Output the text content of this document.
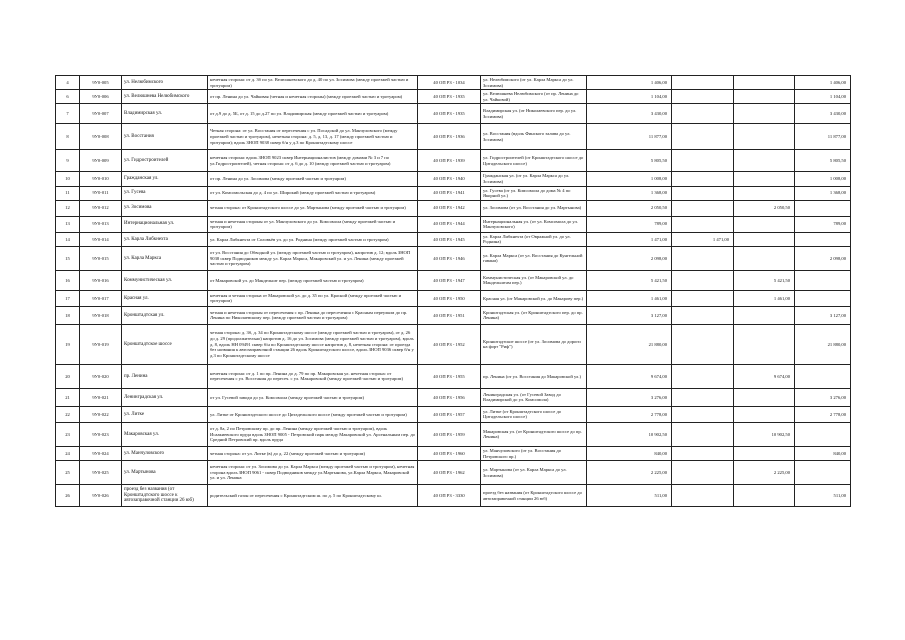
4	9У0-005	ул. Нелюбимского	нечетная сторона: от д. 3б по ул. Велюшневского до д. 40 по ул. Зосимова (между проезжей частью и тротуаром)	40 ОП РЗ - 1034	ул. Нелюбимского (от ул. Карла Маркса до ул. Зосимова)	1 406,00			1 406,00
6	9У0-006	ул. Велюшнева Нелюбимского	от пр. Ленина до ул. Чайковая (четная и нечетная стороны) (между проезжей частью и тротуаром)	40 ОП РЗ - 1935	ул. Велюшнева Нелюбимского (от пр. Ленина до ул. Чайковой)	1 104,00			1 104,00
7	9У0-007	Владимирская ул.	от д.9 до д. 5Б, от д. 15 до д.27 по ул. Владимирская (между проезжей частью и тротуаром)	40 ОП РЗ - 1935	Владимирская ул. (от Николаевского пер. до ул. Зосимова)	3 430,00			3 430,00
8	9У0-008	ул. Восстания	Четная сторона: от ул. Восстания от пересечения с ул. Посадской до ул. Манчуловского (между проезжей частью и тротуаром), нечетная сторона: д. 5, д. 13, д. 17 (между проезжей частью и тротуаром); вдоль ЗНОП 9038 сквер б/н у д.3 по Кронштадтскому шоссе	40 ОП РЗ - 1936	ул. Восстания (вдоль Финского залива до ул. Зосимова)	11 877,00			11 877,00
9	9У0-009	ул. Гидростроителей	нечетная сторона: вдоль ЗНОП 9023 сквер Интернационалистов (между домами № 3 и 7 по ул.Гидростроителей), четная сторона: от д. 6 до д. 10 (между проезжей частью и тротуаром)	40 ОП РЗ - 1939	ул. Гидростроителей (от Кронштадтского шоссе до Цитадельского шоссе)	5 805,50			5 805,50
10	9У0-010	Гражданская ул.	от пр. Ленина до ул. Зосимова (между проезжей частью и тротуаром)	40 ОП РЗ - 1940	Гражданская ул. (от ул. Карла Маркса до ул. Зосимова)	1 008,00			1 008,00
11	9У0-011	ул. Гусева	от ул. Комсомольская до д. 4 по ул. Широкий (между проезжей частью и тротуаром)	40 ОП РЗ - 1941	ул. Гусева (от ул. Комсомола до дома № 4 по Якорной ул.)	1 368,00			1 368,00
12	9У0-012	ул. Зосимова	четная сторона: от Кронштадтского шоссе до ул. Мартынова (между проезжей частью и тротуаром)	40 ОП РЗ - 1942	ул. Зосимова (от ул. Восстания до ул. Мартынова)	2 050,50		2 050,50	
13	9У0-013	Интернациональная ул.	четная и нечетная стороны от ул. Манчуловского до ул. Комсомола (между проезжей частью и тротуаром)	40 ОП РЗ - 1944	Интернациональная ул. (от ул. Комсомола до ул. Манчуловского)	789,00			789,00
14	9У0-014	ул. Карла Либкнехта	ул. Карла Либкнехта от Соловьёв ул. до ул. Роднина (между проезжей частью и тротуаром)	40 ОП РЗ - 1945	ул. Карла Либкнехта (от Овражной ул. до ул. Роднина)	1 471,00	1 471,00		
15	9У0-015	ул. Карла Маркса	от ул. Восстания до Обводной ул. (между проезжей частью и тротуаром), напротив д. 12; вдоль ЗНОП 9038 сквер Подводников между ул. Карла Маркса, Макаровский ул. и ул. Ленина (между проезжей частью и тротуаром)	40 ОП РЗ - 1946	ул. Карла Маркса (от ул. Восстания до Кунгельной гавани)	2 098,00			2 098,00
16	9У0-016	Коммунистическая ул.	от Макаровской ул. до Мандельшт пер. (между проезжей частью и тротуаром)	40 ОП РЗ - 1947	Коммунистическая ул. (от Макаровской ул. до Мандельштам пер.)	5 421,50		5 421,50	
17	9У0-017	Красная ул.	нечетная и четная сторона от Макаровской ул. до д. 35 по ул. Красной (между проезжей частью и тротуаром)	40 ОП РЗ - 1950	Красная ул. (от Макаровской ул. до Макарову пер.)	1 461,00		1 461,00	
18	9У0-018	Кронштадтская ул.	четная и нечетная стороны от пересечения с пр. Ленина до пересечения с Красным переулком до пр. Ленина по Николаевскому пер. (между проезжей частью и тротуаром)	40 ОП РЗ - 1951	Кронштадтская ул. (от Кронштадтского пер. до пр. Ленина)	3 127,00			3 127,00
19	9У0-019	Кронштадтское шоссе	четная сторона: д. 3б, д. 34 по Кронштадтскому шоссе (между проезжей частью и тротуаром), от д. 26 до д. 29 (продолжительно) напротив д. 16 до ул. Зосимова (между проезжей частью и тротуаром), вдоль д. 8, вдоль НН 09491 сквер б/н по Кронштадтскому шоссе напротив д. 8, нечетная сторона: от проезда без названия к автозаправочной станции 26 вдоль Кронштадтского шоссе, вдоль ЗНОП 9036 сквер б/н у д.3 по Кронштадтскому шоссе	40 ОП РЗ - 1952	Кронштадтское шоссе (от ул. Зосимова до дороги на форт "Риф")	21 880,00			21 880,00
20	9У0-020	пр. Ленина	нечетная сторона: от д. 1 по пр. Ленина до д. 79 по пр. Макаровская ул. нечетная сторона: от пересечения с ул. Восстания до пересеч. с ул. Макаровской (между проезжей частью и тротуаром)	40 ОП РЗ - 1955	пр. Ленина (от ул. Восстания до Макаровской ул.)	9 674,00		9 674,00	
21	9У0-021	Ленинградская ул.	от ул. Гусевой заводи до ул. Комсомола (между проезжей частью и тротуаром)	40 ОП РЗ - 1956	Ленинградская ул. (от Гусевой Завод до Владимирской до ул. Комсомола)	3 276,00			3 276,00
22	9У0-022	ул. Литке	ул. Литке от Кронштадтского шоссе до Цитадельского шоссе (между проезжей частью и тротуаром)	40 ОП РЗ - 1957	ул. Литке (от Кронштадтского шоссе до Цитадельского шоссе)	2 778,00			2 778,00
23	9У0-023	Макаровская ул.	от д. 8а, 2 по Петровскому пр. до пр. Ленина (между проезжей частью и тротуаром), вдоль Исаакиевского пруда вдоль ЗНОП 9005 - Петровский парк между Макаровской ул. Арсенальным пер. до Средний Петровский пр. вдоль пруда	40 ОП РЗ - 1959	Макаровская ул. (от Кронштадтского шоссе до пр. Ленина)	10 902,50		10 902,50	
24	9У0-024	ул. Манчуловского	четная сторона: от ул. Литке (в) до д. 22 (между проезжей частью и тротуаром)	40 ОП РЗ - 1960	ул. Манчуловского (от ул. Восстания до Петровского пр.)	840,00			840,00
25	9У0-025	ул. Мартынова	нечетная сторона: от ул. Зосимова до ул. Карла Маркса (между проезжей частью и тротуаром), нечетная сторона вдоль ЗНОП 9061 - сквер Подводников между ул.Мартынова, ул.Карла Маркса, Макаровской ул. и ул. Ленина	40 ОП РЗ - 1962	ул. Мартынова (от ул. Карла Маркса до ул. Зосимова)	2 225,00		2 225,00	
26	9У0-026	проезд без названия (от Кронштадтского шоссе к автозаправочной станции 26 юб)	родительский газон от пересечения с Кронштадтским ш. по д. 5 по Кронштадтскому ш.	40 ОП РЗ - 3330	проезд без названия (от Кронштадтского шоссе до автозаправочной станции 26 юб)	511,00			511,00
